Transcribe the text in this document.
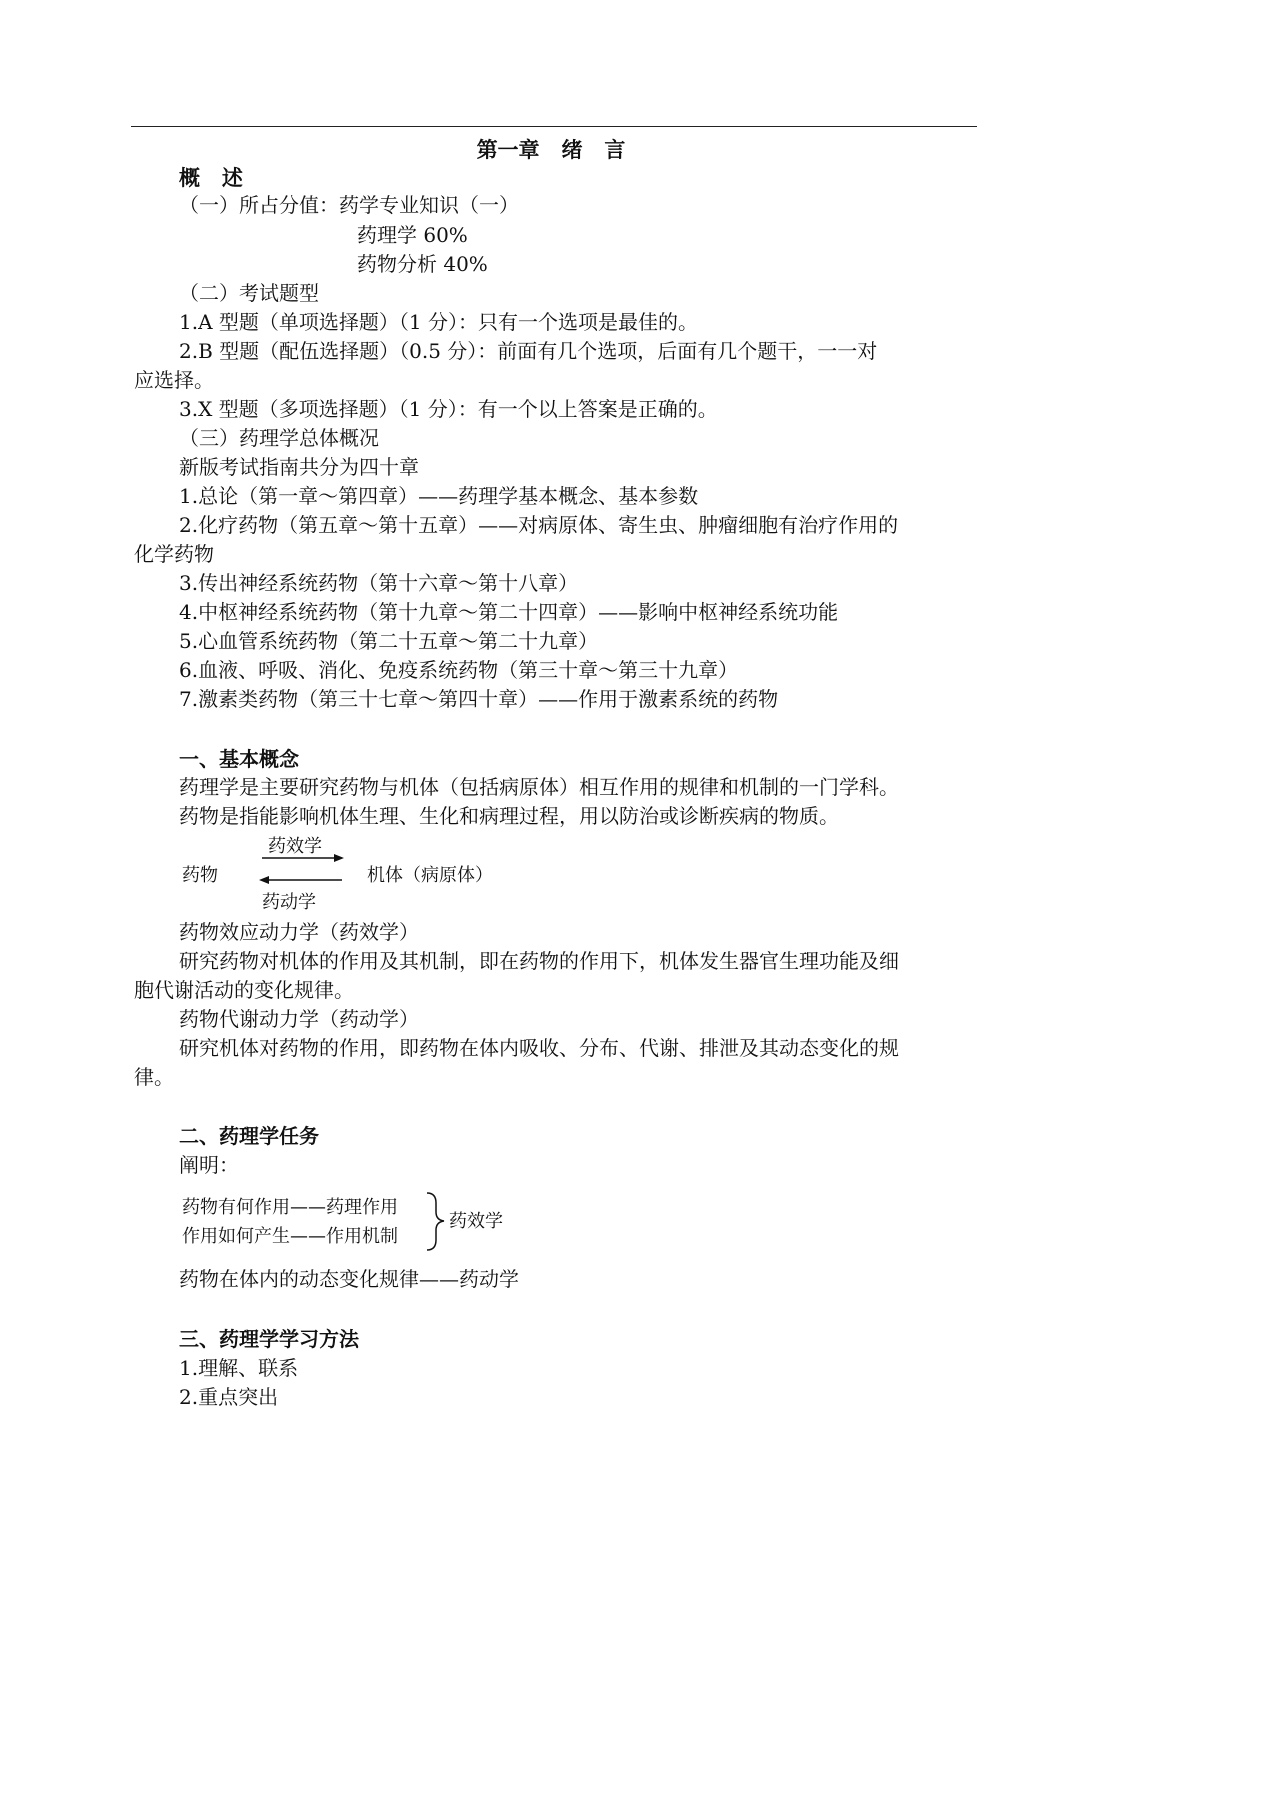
第一章   绪   言
概   述
（一）所占分值：药学专业知识（一）
药理学 60%
药物分析 40%
（二）考试题型
1.A 型题（单项选择题）（1 分）：只有一个选项是最佳的。
2.B 型题（配伍选择题）（0.5 分）：前面有几个选项，后面有几个题干，一一对
应选择。
3.X 型题（多项选择题）（1 分）：有一个以上答案是正确的。
（三）药理学总体概况
新版考试指南共分为四十章
1.总论（第一章～第四章）——药理学基本概念、基本参数
2.化疗药物（第五章～第十五章）——对病原体、寄生虫、肿瘤细胞有治疗作用的
化学药物
3.传出神经系统药物（第十六章～第十八章）
4.中枢神经系统药物（第十九章～第二十四章）——影响中枢神经系统功能
5.心血管系统药物（第二十五章～第二十九章）
6.血液、呼吸、消化、免疫系统药物（第三十章～第三十九章）
7.激素类药物（第三十七章～第四十章）——作用于激素系统的药物
一、基本概念
药理学是主要研究药物与机体（包括病原体）相互作用的规律和机制的一门学科。
药物是指能影响机体生理、生化和病理过程，用以防治或诊断疾病的物质。
药效学
药物	机体（病原体）
药动学
药物效应动力学（药效学）
研究药物对机体的作用及其机制，即在药物的作用下，机体发生器官生理功能及细
胞代谢活动的变化规律。
药物代谢动力学（药动学）
研究机体对药物的作用，即药物在体内吸收、分布、代谢、排泄及其动态变化的规
律。
二、药理学任务
阐明：
药物有何作用——药理作用
作用如何产生——作用机制
药效学
药物在体内的动态变化规律——药动学
三、药理学学习方法
1.理解、联系
2.重点突出
